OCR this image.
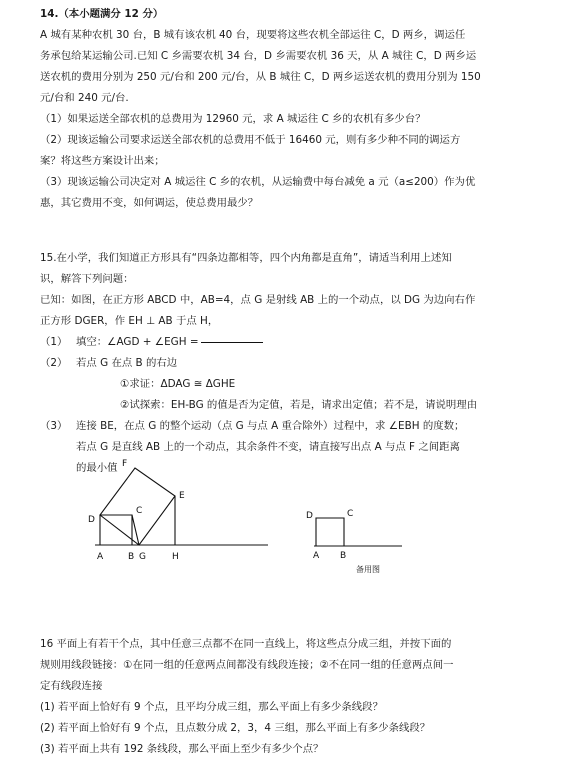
14.（本小题满分 12 分）
A 城有某种农机 30 台，B 城有该农机 40 台，现要将这些农机全部运往 C，D 两乡，调运任
务承包给某运输公司.已知 C 乡需要农机 34 台，D 乡需要农机 36 天，从 A 城往 C，D 两乡运
送农机的费用分别为 250 元/台和 200 元/台，从 B 城往 C，D 两乡运送农机的费用分别为 150
元/台和 240 元/台.
（1）如果运送全部农机的总费用为 12960 元，求 A 城运往 C 乡的农机有多少台？
（2）现该运输公司要求运送全部农机的总费用不低于 16460 元，则有多少种不同的调运方
案？将这些方案设计出来；
（3）现该运输公司决定对 A 城运往 C 乡的农机，从运输费中每台减免 a 元（a≤200）作为优
惠，其它费用不变，如何调运，使总费用最少？
15.在小学，我们知道正方形具有“四条边都相等，四个内角都是直角”，请适当利用上述知
识，解答下列问题：
已知：如图，在正方形 ABCD 中，AB=4，点 G 是射线 AB 上的一个动点，以 DG 为边向右作
正方形 DGER，作 EH ⊥ AB 于点 H，
（1） 填空：∠AGD + ∠EGH =
（2） 若点 G 在点 B 的右边
①求证：ΔDAG ≅ ΔGHE
②试探索：EH-BG 的值是否为定值，若是，请求出定值；若不是，请说明理由
（3） 连接 BE，在点 G 的整个运动（点 G 与点 A 重合除外）过程中，求 ∠EBH 的度数；
若点 G 是直线 AB 上的一个动点，其余条件不变，请直接写出点 A 与点 F 之间距离
的最小值
A	B G	H
C
D
E
F
A B
C
D
备用图
16 平面上有若干个点，其中任意三点都不在同一直线上，将这些点分成三组，并按下面的
规则用线段链接：①在同一组的任意两点间都没有线段连接；②不在同一组的任意两点间一
定有线段连接
(1) 若平面上恰好有 9 个点，且平均分成三组，那么平面上有多少条线段？
(2) 若平面上恰好有 9 个点，且点数分成 2，3，4 三组，那么平面上有多少条线段？
(3) 若平面上共有 192 条线段，那么平面上至少有多少个点？
